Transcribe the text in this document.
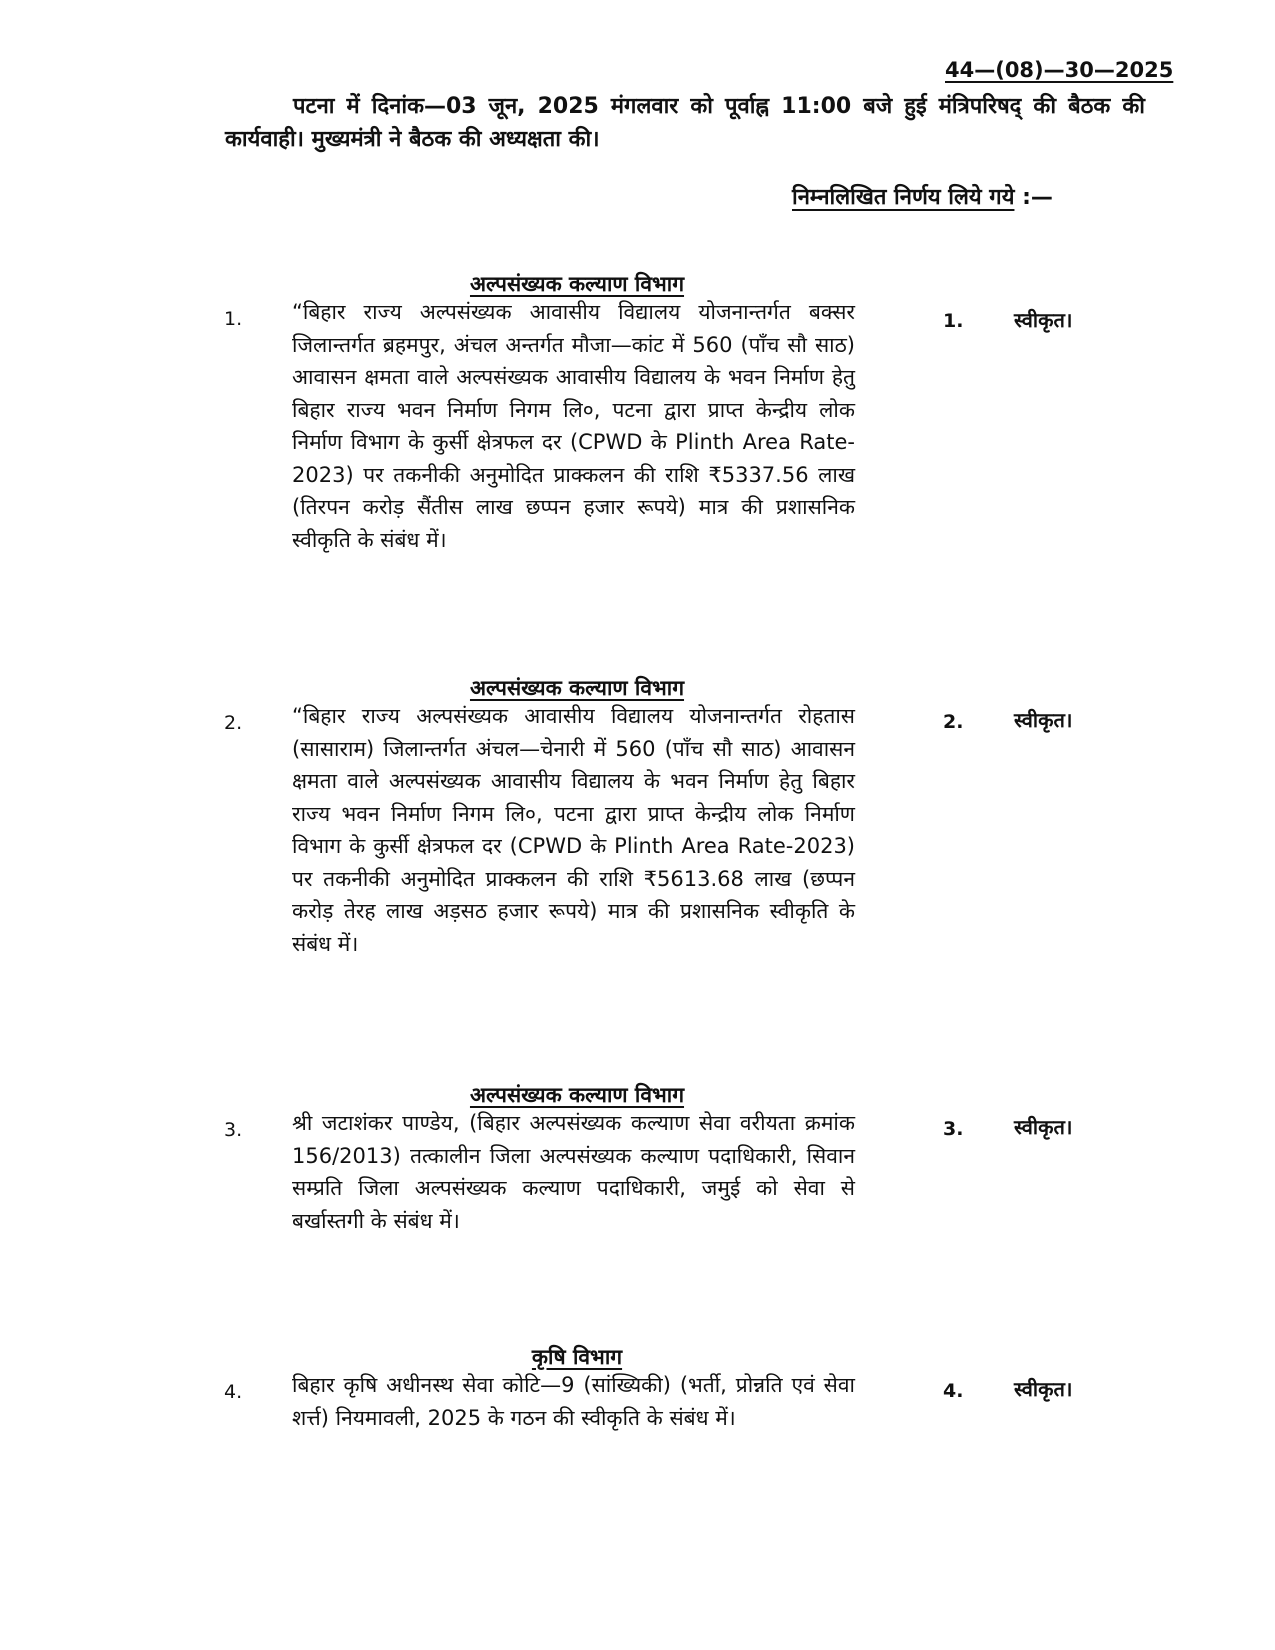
44—(08)—30—2025
पटना में दिनांक—03 जून, 2025 मंगलवार को पूर्वाह्न 11:00 बजे हुई मंत्रिपरिषद् की बैठक की कार्यवाही। मुख्यमंत्री ने बैठक की अध्यक्षता की।
निम्नलिखित निर्णय लिये गये :—
अल्पसंख्यक कल्याण विभाग
1. “बिहार राज्य अल्पसंख्यक आवासीय विद्यालय योजनान्तर्गत बक्सर जिलान्तर्गत ब्रहमपुर, अंचल अन्तर्गत मौजा—कांट में 560 (पाँच सौ साठ) आवासन क्षमता वाले अल्पसंख्यक आवासीय विद्यालय के भवन निर्माण हेतु बिहार राज्य भवन निर्माण निगम लि०, पटना द्वारा प्राप्त केन्द्रीय लोक निर्माण विभाग के कुर्सी क्षेत्रफल दर (CPWD के Plinth Area Rate-2023) पर तकनीकी अनुमोदित प्राक्कलन की राशि ₹5337.56 लाख (तिरपन करोड़ सैंतीस लाख छप्पन हजार रूपये) मात्र की प्रशासनिक स्वीकृति के संबंध में।
1.	स्वीकृत।
अल्पसंख्यक कल्याण विभाग
2. “बिहार राज्य अल्पसंख्यक आवासीय विद्यालय योजनान्तर्गत रोहतास (सासाराम) जिलान्तर्गत अंचल—चेनारी में 560 (पाँच सौ साठ) आवासन क्षमता वाले अल्पसंख्यक आवासीय विद्यालय के भवन निर्माण हेतु बिहार राज्य भवन निर्माण निगम लि०, पटना द्वारा प्राप्त केन्द्रीय लोक निर्माण विभाग के कुर्सी क्षेत्रफल दर (CPWD के Plinth Area Rate-2023) पर तकनीकी अनुमोदित प्राक्कलन की राशि ₹5613.68 लाख (छप्पन करोड़ तेरह लाख अड़सठ हजार रूपये) मात्र की प्रशासनिक स्वीकृति के संबंध में।
2.	स्वीकृत।
अल्पसंख्यक कल्याण विभाग
3. श्री जटाशंकर पाण्डेय, (बिहार अल्पसंख्यक कल्याण सेवा वरीयता क्रमांक 156/2013) तत्कालीन जिला अल्पसंख्यक कल्याण पदाधिकारी, सिवान सम्प्रति जिला अल्पसंख्यक कल्याण पदाधिकारी, जमुई को सेवा से बर्खास्तगी के संबंध में।
3.	स्वीकृत।
कृषि विभाग
4. बिहार कृषि अधीनस्थ सेवा कोटि—9 (सांख्यिकी) (भर्ती, प्रोन्नति एवं सेवा शर्त्त) नियमावली, 2025 के गठन की स्वीकृति के संबंध में।
4.	स्वीकृत।
